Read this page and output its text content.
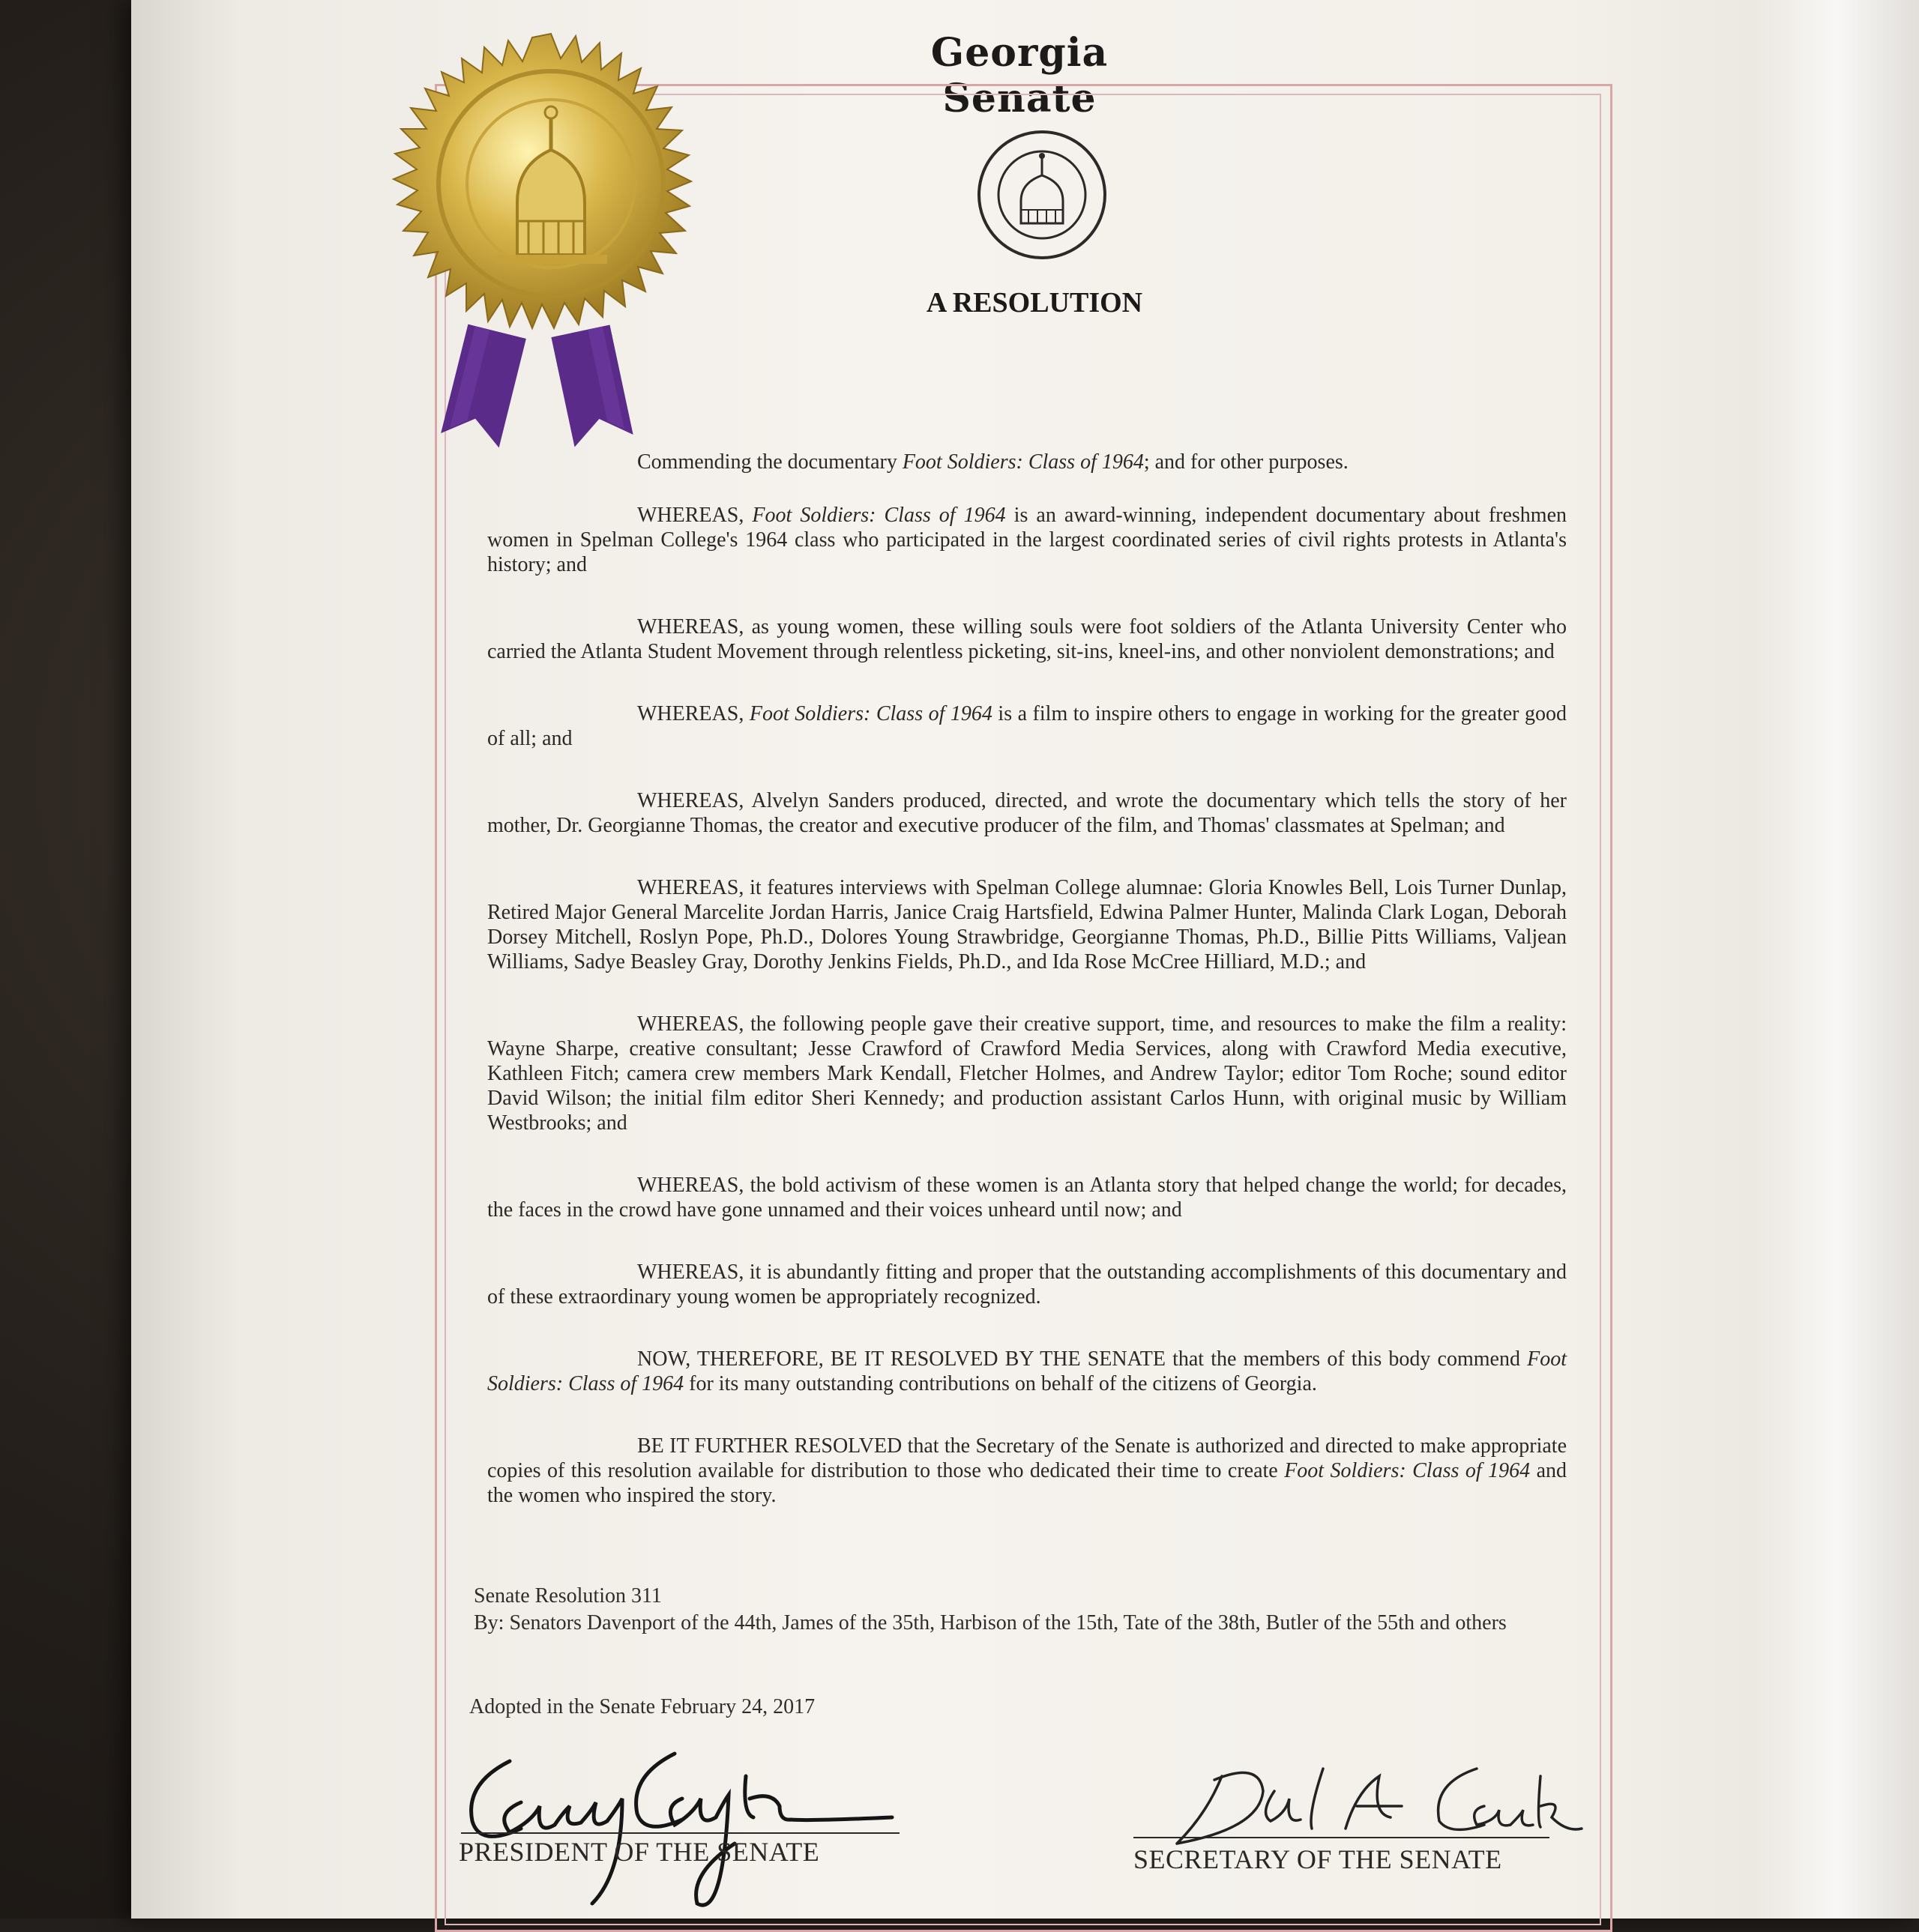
Georgia Senate
A RESOLUTION

Commending the documentary Foot Soldiers: Class of 1964; and for other purposes.

WHEREAS, Foot Soldiers: Class of 1964 is an award-winning, independent documentary about freshmen women in Spelman College's 1964 class who participated in the largest coordinated series of civil rights protests in Atlanta's history; and

WHEREAS, as young women, these willing souls were foot soldiers of the Atlanta University Center who carried the Atlanta Student Movement through relentless picketing, sit-ins, kneel-ins, and other nonviolent demonstrations; and

WHEREAS, Foot Soldiers: Class of 1964 is a film to inspire others to engage in working for the greater good of all; and

WHEREAS, Alvelyn Sanders produced, directed, and wrote the documentary which tells the story of her mother, Dr. Georgianne Thomas, the creator and executive producer of the film, and Thomas' classmates at Spelman; and

WHEREAS, it features interviews with Spelman College alumnae: Gloria Knowles Bell, Lois Turner Dunlap, Retired Major General Marcelite Jordan Harris, Janice Craig Hartsfield, Edwina Palmer Hunter, Malinda Clark Logan, Deborah Dorsey Mitchell, Roslyn Pope, Ph.D., Dolores Young Strawbridge, Georgianne Thomas, Ph.D., Billie Pitts Williams, Valjean Williams, Sadye Beasley Gray, Dorothy Jenkins Fields, Ph.D., and Ida Rose McCree Hilliard, M.D.; and

WHEREAS, the following people gave their creative support, time, and resources to make the film a reality: Wayne Sharpe, creative consultant; Jesse Crawford of Crawford Media Services, along with Crawford Media executive, Kathleen Fitch; camera crew members Mark Kendall, Fletcher Holmes, and Andrew Taylor; editor Tom Roche; sound editor David Wilson; the initial film editor Sheri Kennedy; and production assistant Carlos Hunn, with original music by William Westbrooks; and

WHEREAS, the bold activism of these women is an Atlanta story that helped change the world; for decades, the faces in the crowd have gone unnamed and their voices unheard until now; and

WHEREAS, it is abundantly fitting and proper that the outstanding accomplishments of this documentary and of these extraordinary young women be appropriately recognized.

NOW, THEREFORE, BE IT RESOLVED BY THE SENATE that the members of this body commend Foot Soldiers: Class of 1964 for its many outstanding contributions on behalf of the citizens of Georgia.

BE IT FURTHER RESOLVED that the Secretary of the Senate is authorized and directed to make appropriate copies of this resolution available for distribution to those who dedicated their time to create Foot Soldiers: Class of 1964 and the women who inspired the story.

Senate Resolution 311
By: Senators Davenport of the 44th, James of the 35th, Harbison of the 15th, Tate of the 38th, Butler of the 55th and others
Adopted in the Senate February 24, 2017
PRESIDENT OF THE SENATE	SECRETARY OF THE SENATE
